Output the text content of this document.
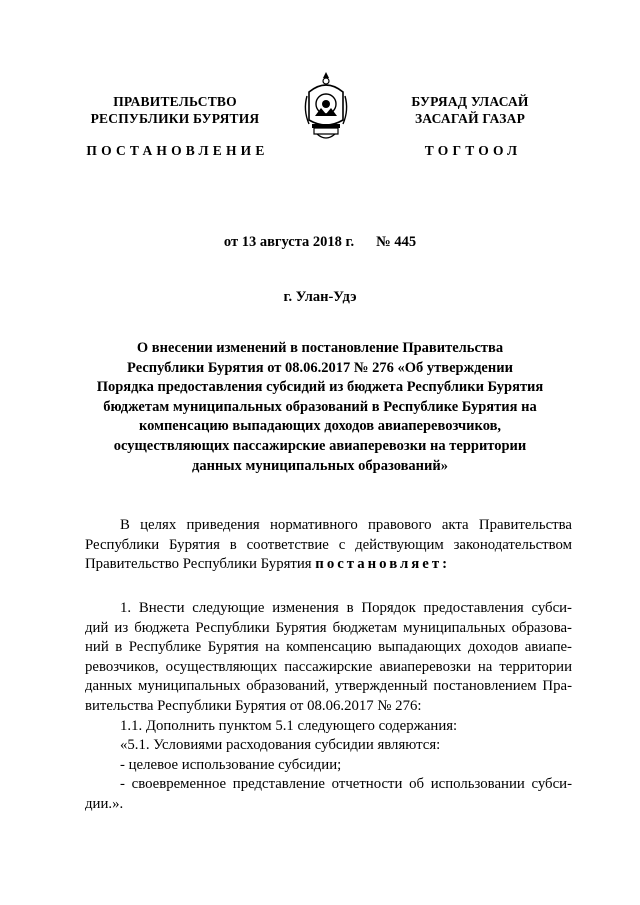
ПРАВИТЕЛЬСТВО
РЕСПУБЛИКИ БУРЯТИЯ
БУРЯАД УЛАСАЙ
ЗАСАГАЙ ГАЗАР
ПОСТАНОВЛЕНИЕ	ТОГТООЛ
от 13 августа 2018 г. № 445
г. Улан-Удэ
О внесении изменений в постановление Правительства
Республики Бурятия от 08.06.2017 № 276 «Об утверждении
Порядка предоставления субсидий из бюджета Республики Бурятия
бюджетам муниципальных образований в Республике Бурятия на
компенсацию выпадающих доходов авиаперевозчиков,
осуществляющих пассажирские авиаперевозки на территории
данных муниципальных образований»
В целях приведения нормативного правового акта Правительства
Республики Бурятия в соответствие с действующим законодательством
Правительство Республики Бурятия постановляет:
1. Внести следующие изменения в Порядок предоставления субси-
дий из бюджета Республики Бурятия бюджетам муниципальных образова-
ний в Республике Бурятия на компенсацию выпадающих доходов авиапе-
ревозчиков, осуществляющих пассажирские авиаперевозки на территории
данных муниципальных образований, утвержденный постановлением Пра-
вительства Республики Бурятия от 08.06.2017 № 276:
1.1. Дополнить пунктом 5.1 следующего содержания:
«5.1. Условиями расходования субсидии являются:
- целевое использование субсидии;
- своевременное представление отчетности об использовании субси-
дии.».
